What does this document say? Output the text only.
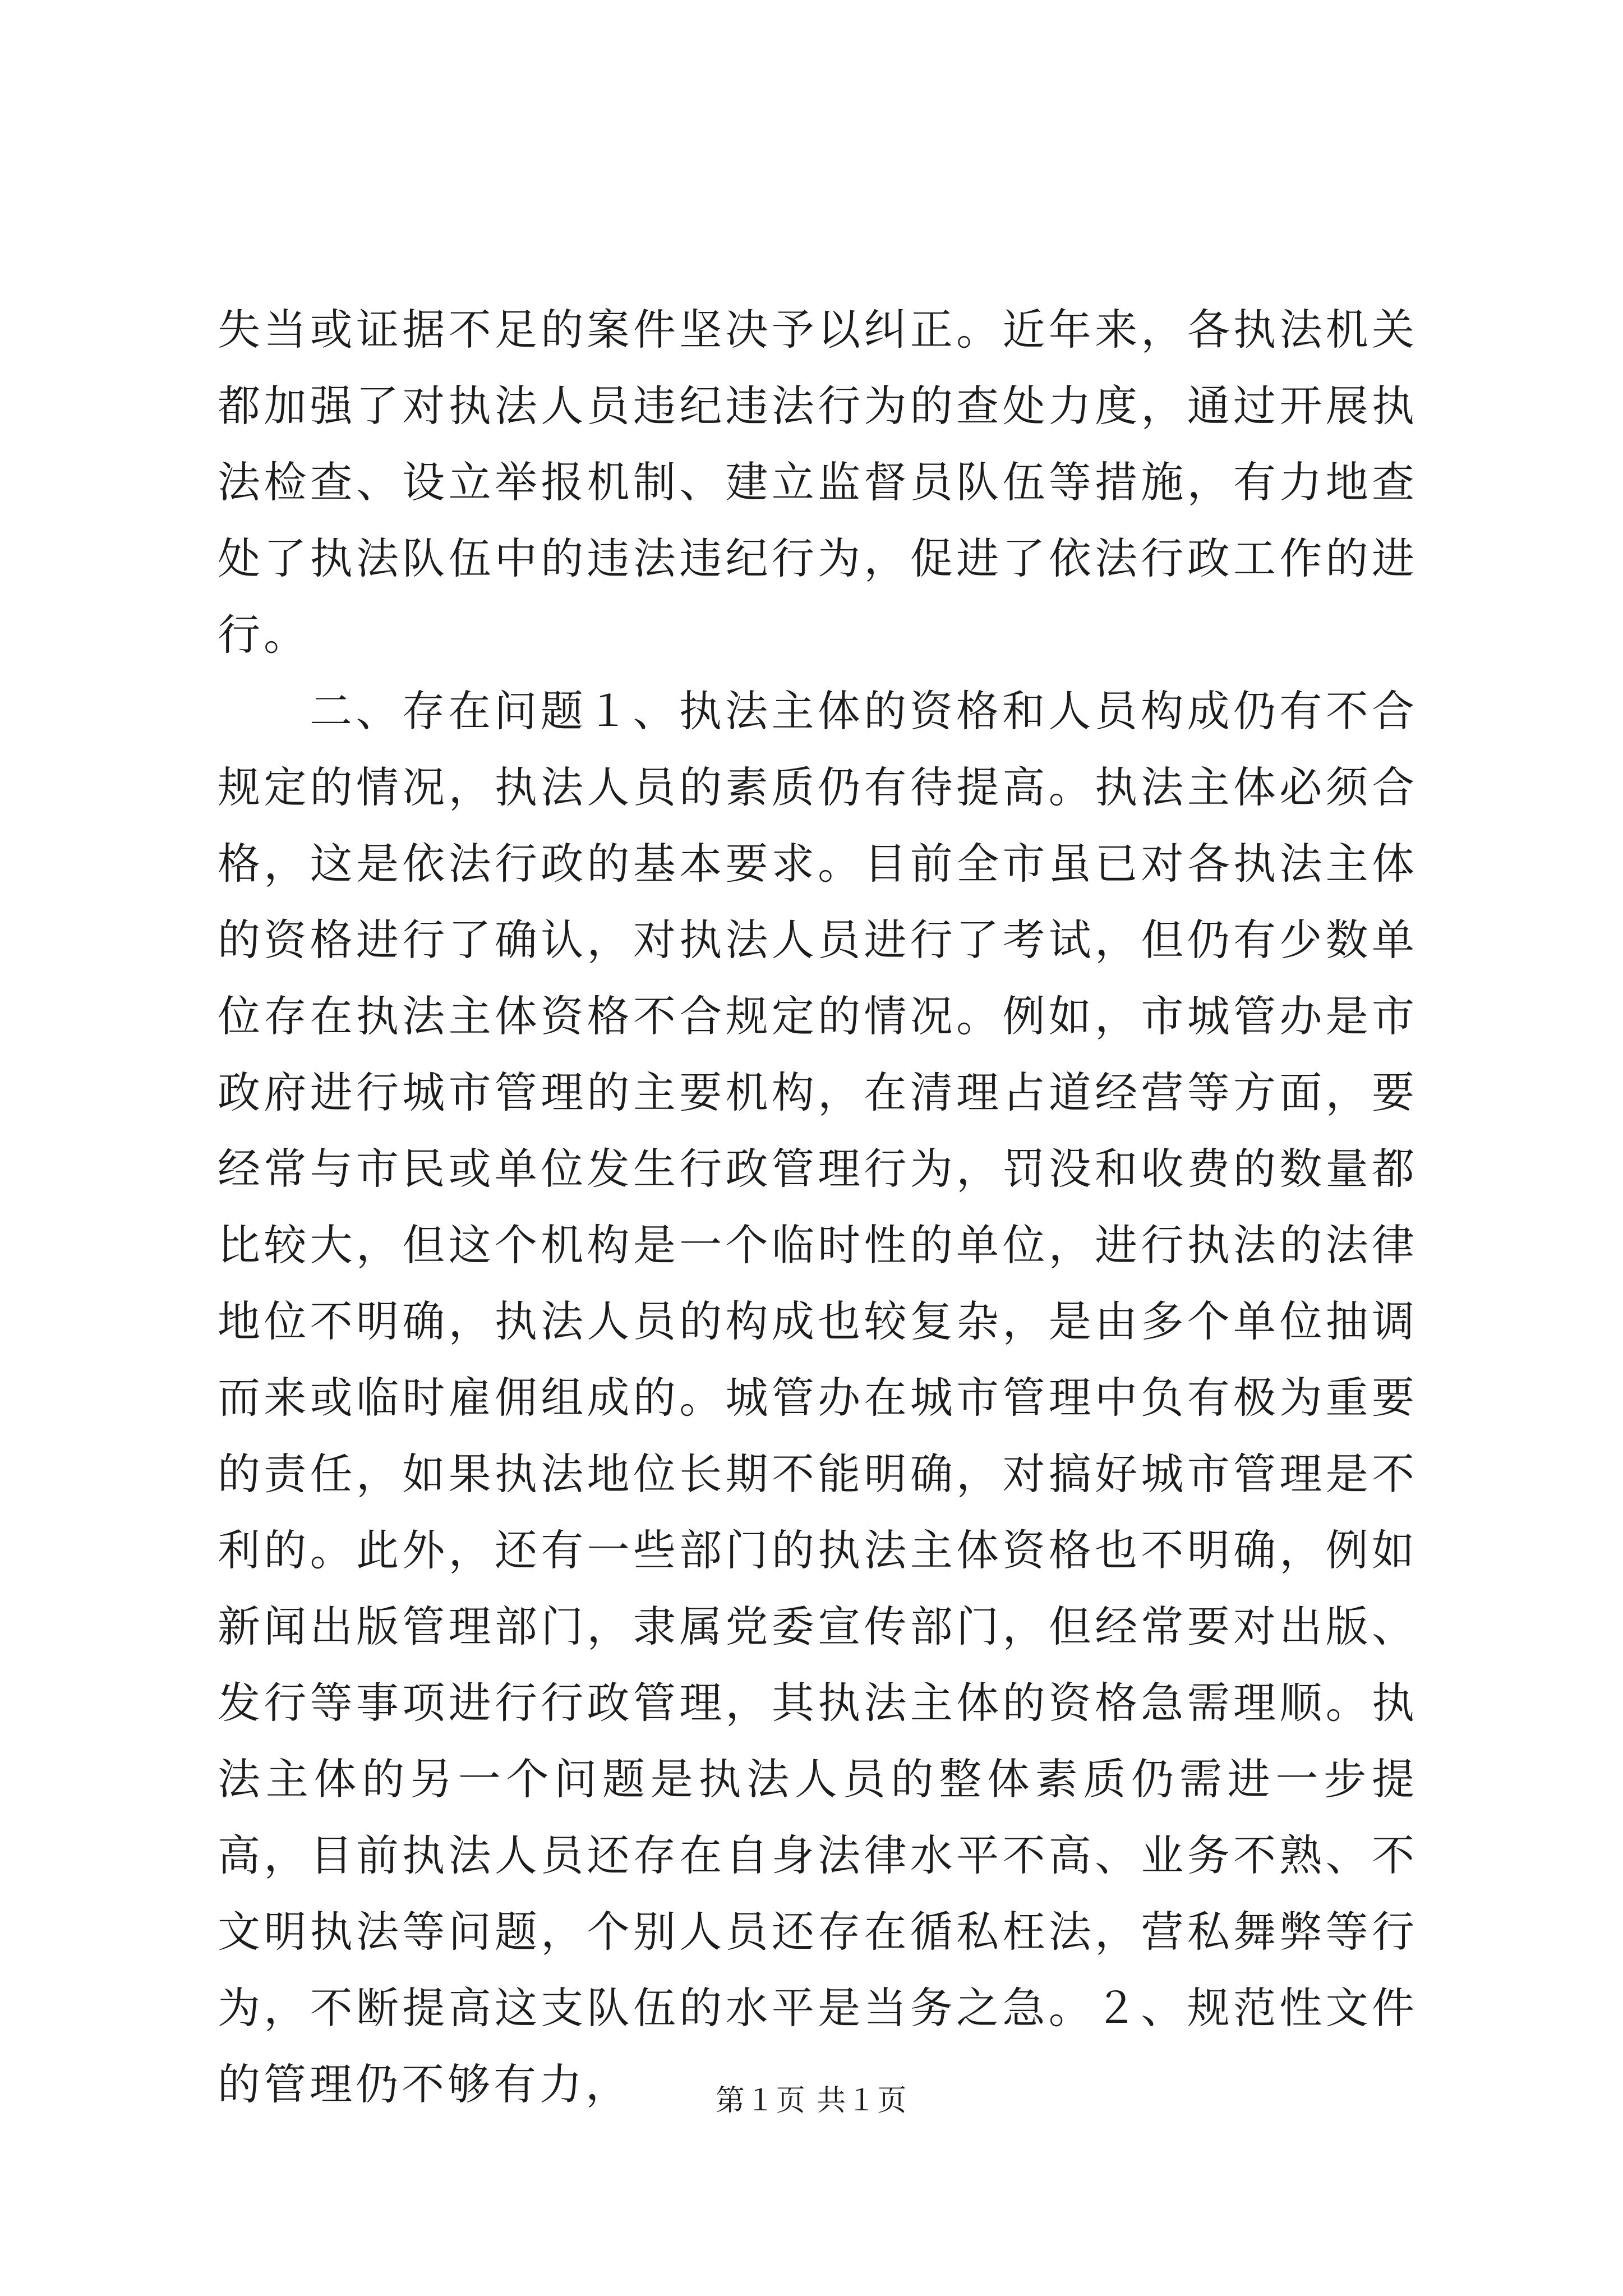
失当或证据不足的案件坚决予以纠正。近年来，各执法机关都加强了对执法人员违纪违法行为的查处力度，通过开展执法检查、设立举报机制、建立监督员队伍等措施，有力地查处了执法队伍中的违法违纪行为，促进了依法行政工作的进行。

二、存在问题１、执法主体的资格和人员构成仍有不合规定的情况，执法人员的素质仍有待提高。执法主体必须合格，这是依法行政的基本要求。目前全市虽已对各执法主体的资格进行了确认，对执法人员进行了考试，但仍有少数单位存在执法主体资格不合规定的情况。例如，市城管办是市政府进行城市管理的主要机构，在清理占道经营等方面，要经常与市民或单位发生行政管理行为，罚没和收费的数量都比较大，但这个机构是一个临时性的单位，进行执法的法律地位不明确，执法人员的构成也较复杂，是由多个单位抽调而来或临时雇佣组成的。城管办在城市管理中负有极为重要的责任，如果执法地位长期不能明确，对搞好城市管理是不利的。此外，还有一些部门的执法主体资格也不明确，例如新闻出版管理部门，隶属党委宣传部门，但经常要对出版、发行等事项进行行政管理，其执法主体的资格急需理顺。执法主体的另一个问题是执法人员的整体素质仍需进一步提高，目前执法人员还存在自身法律水平不高、业务不熟、不文明执法等问题，个别人员还存在循私枉法，营私舞弊等行为，不断提高这支队伍的水平是当务之急。２、规范性文件的管理仍不够有力，	第１页 共１页
